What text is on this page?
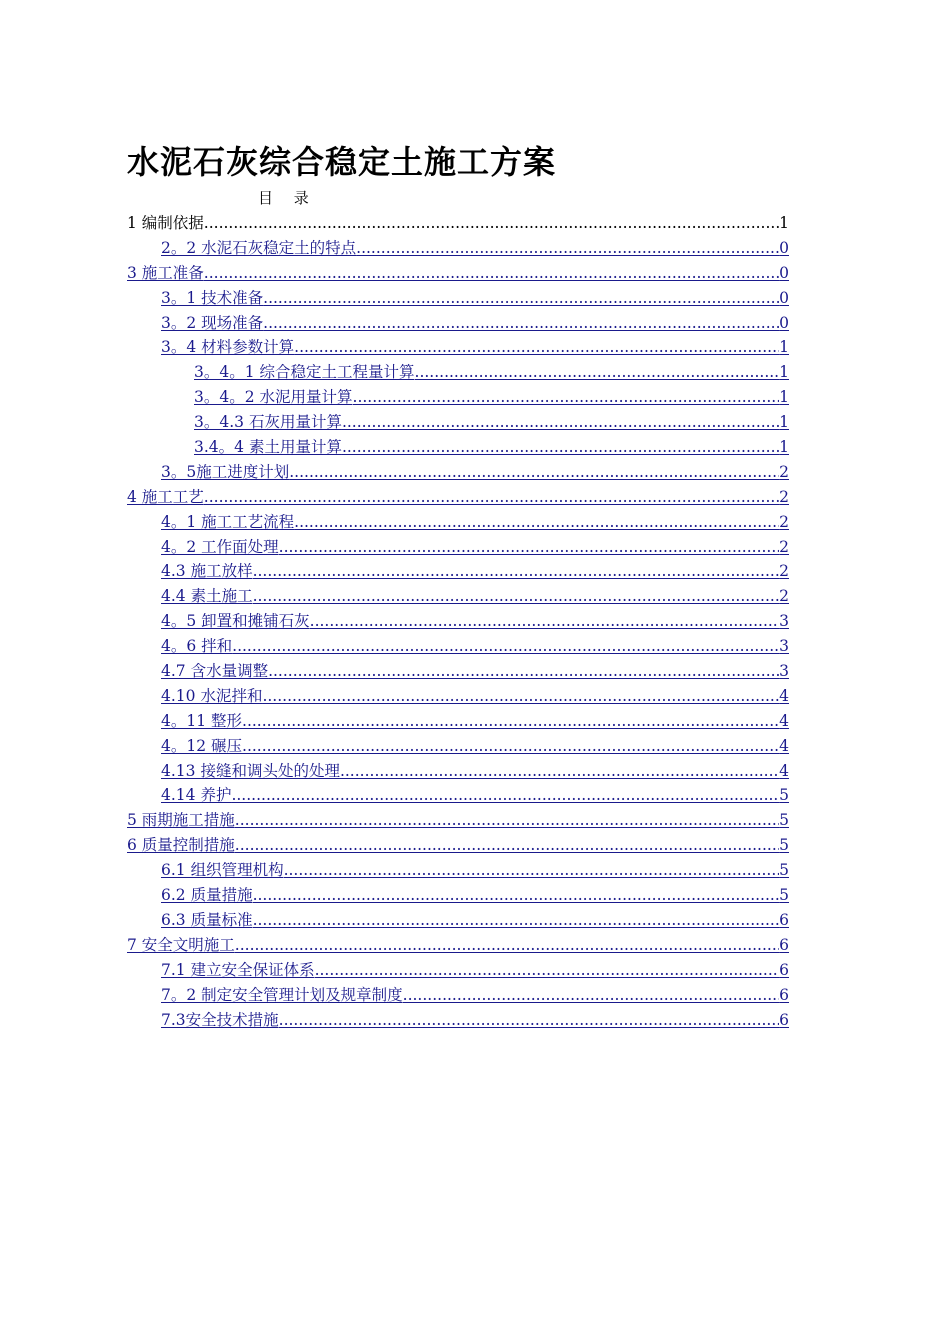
水泥石灰综合稳定土施工方案
目 录
1 编制依据 .....	1
2。2 水泥石灰稳定土的特点 .....	0
3 施工准备 .....	0
3。1 技术准备 .....	0
3。2 现场准备 .....	0
3。4 材料参数计算 .....	1
3。4。1 综合稳定土工程量计算 .....	1
3。4。2 水泥用量计算 .....	1
3。4.3 石灰用量计算 .....	1
3.4。4 素土用量计算 .....	1
3。5施工进度计划 .....	2
4 施工工艺 .....	2
4。1 施工工艺流程 .....	2
4。2 工作面处理 .....	2
4.3 施工放样 .....	2
4.4 素土施工 .....	2
4。5 卸置和摊铺石灰 .....	3
4。6 拌和 .....	3
4.7 含水量调整 .....	3
4.10 水泥拌和 .....	4
4。11 整形 .....	4
4。12 碾压 .....	4
4.13 接缝和调头处的处理 .....	4
4.14 养护 .....	5
5 雨期施工措施 .....	5
6 质量控制措施 .....	5
6.1 组织管理机构 .....	5
6.2 质量措施 .....	5
6.3 质量标准 .....	6
7 安全文明施工 .....	6
7.1 建立安全保证体系 .....	6
7。2 制定安全管理计划及规章制度 .....	6
7.3安全技术措施 .....	6
